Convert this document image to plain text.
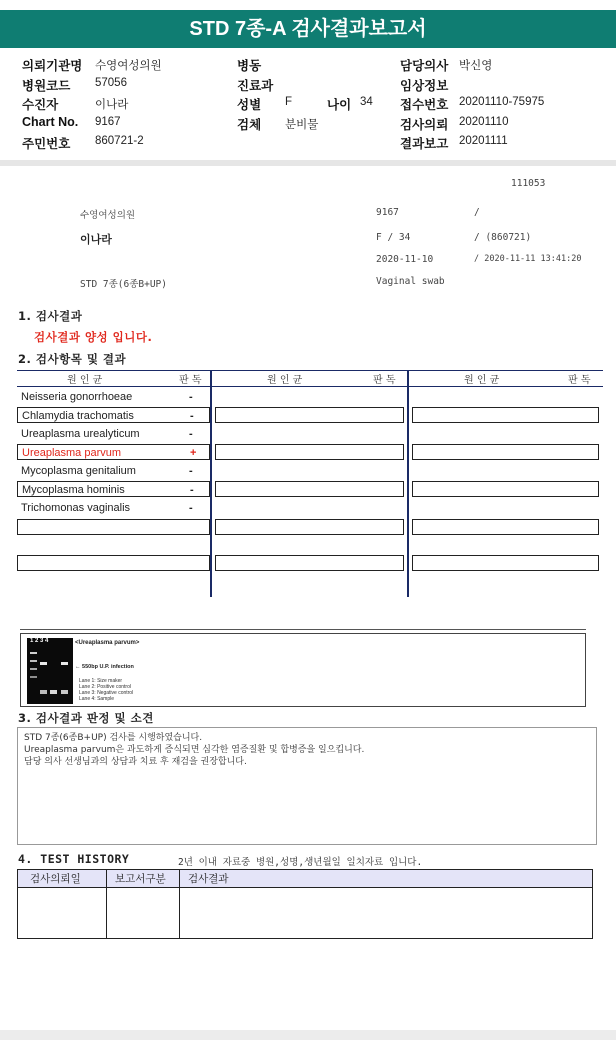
STD 7종-A 검사결과보고서
의뢰기관명 수영여성의원
병원코드 57056
수진자	이나라
Chart No. 9167
주민번호 860721-2
병동
진료과
성별 F	나이 34
검체 분비물
담당의사 박신영
임상정보
접수번호 20201110-75975
검사의뢰 20201110
결과보고 20201111
111053
수영여성의원	9167	/
이나라	F / 34	/ (860721)
2020-11-10	/ 2020-11-11 13:41:20
STD 7종(6종B+UP)	Vaginal swab
1. 검사결과
검사결과 양성 입니다.
2. 검사항목 및 결과
원 인 균	판 독	원 인 균	판 독	원 인 균	판 독
Neisseria gonorrhoeae	-
Chlamydia trachomatis	-
Ureaplasma urealyticum	-
Ureaplasma parvum	+
Mycoplasma genitalium	-
Mycoplasma hominis	-
Trichomonas vaginalis	-
1 2 3 4	<Ureaplasma parvum>
← 550bp U.P. infection
Lane 1: Size maker
Lane 2: Positive control
Lane 3: Negative control
Lane 4: Sample
3. 검사결과 판정 및 소견
STD 7종(6종B+UP) 검사를 시행하였습니다.
Ureaplasma parvum은 과도하게 증식되면 심각한 염증질환 및 합병증을 일으킵니다.
담당 의사 선생님과의 상담과 치료 후 재검을 권장합니다.
4. TEST HISTORY	2년 이내 자료중 병원,성명,생년월일 일치자료 입니다.
검사의뢰일	보고서구분	검사결과
